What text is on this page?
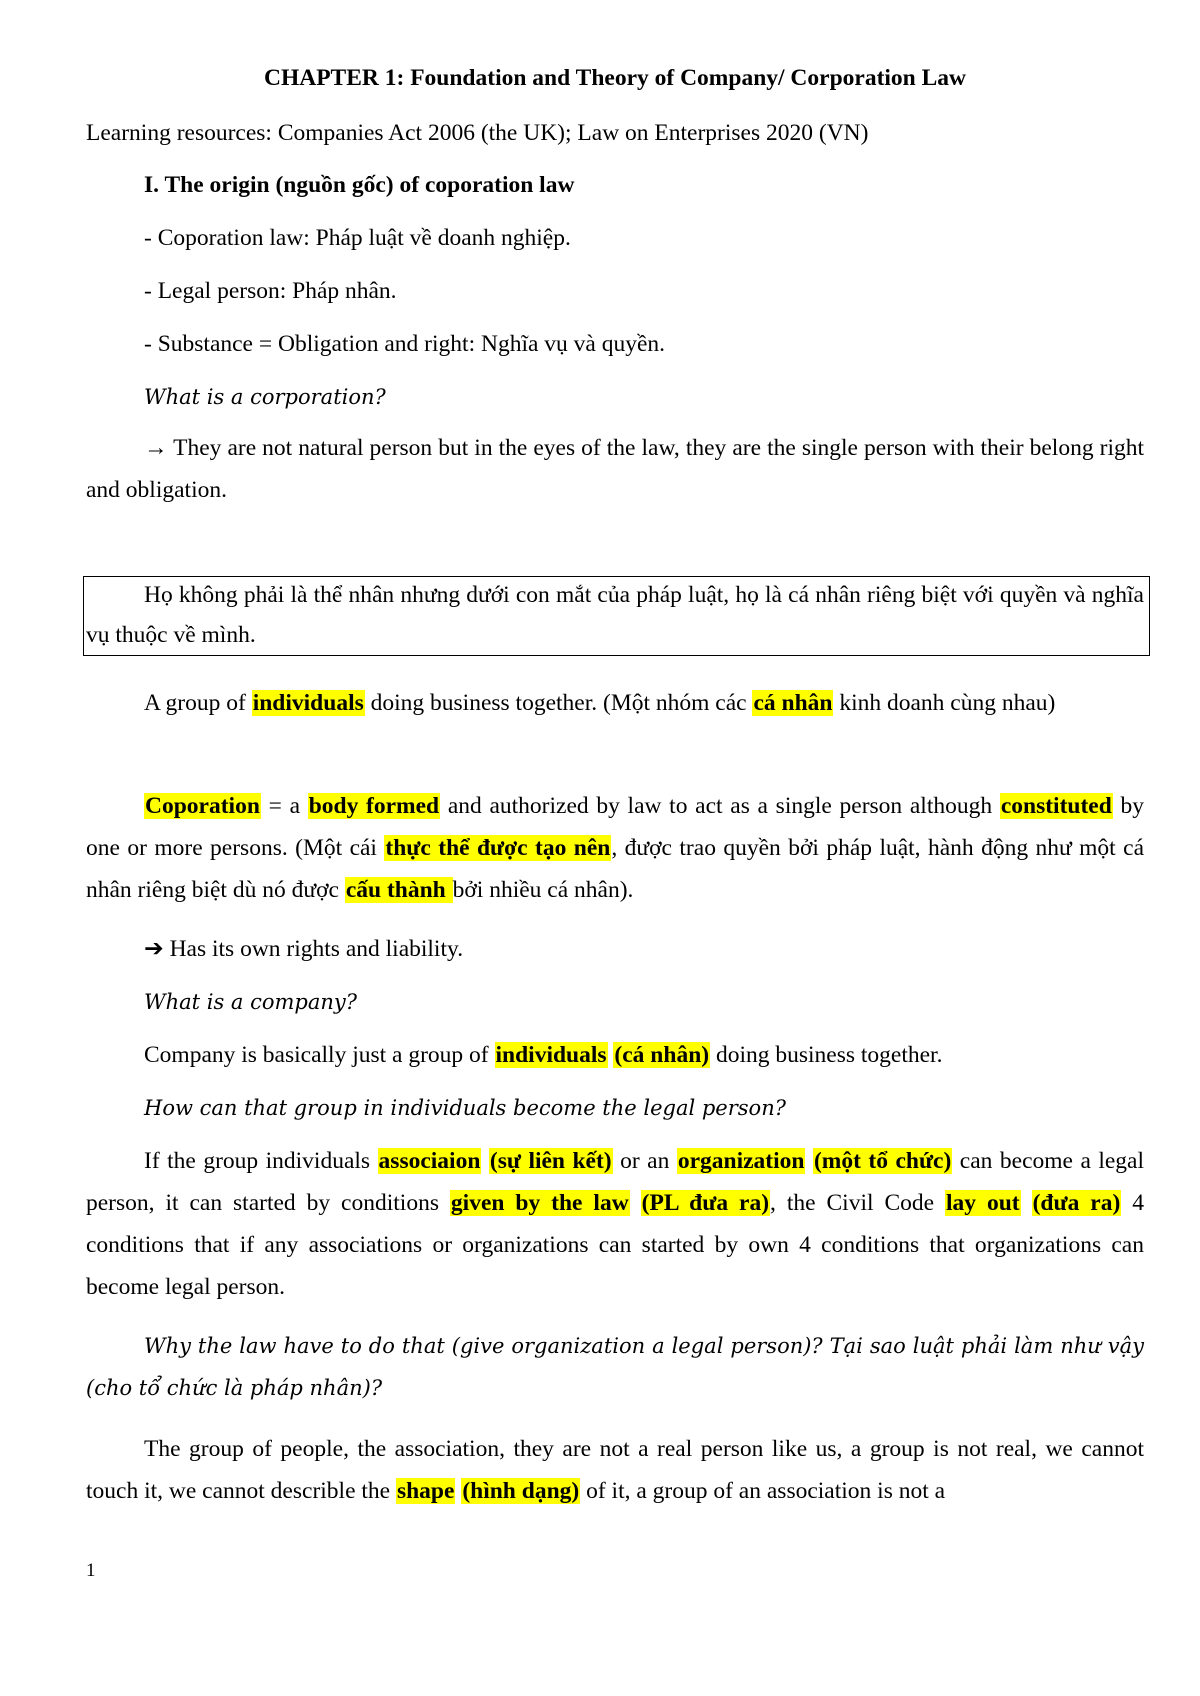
CHAPTER 1: Foundation and Theory of Company/ Corporation Law

Learning resources: Companies Act 2006 (the UK); Law on Enterprises 2020 (VN)

I. The origin (nguồn gốc) of coporation law

- Coporation law: Pháp luật về doanh nghiệp.

- Legal person: Pháp nhân.

- Substance = Obligation and right: Nghĩa vụ và quyền.

What is a corporation?

→ They are not natural person but in the eyes of the law, they are the single person with their belong right and obligation.

Họ không phải là thể nhân nhưng dưới con mắt của pháp luật, họ là cá nhân riêng biệt với quyền và nghĩa vụ thuộc về mình.

A group of individuals doing business together. (Một nhóm các cá nhân kinh doanh cùng nhau)

Coporation = a body formed and authorized by law to act as a single person although constituted by one or more persons. (Một cái thực thể được tạo nên, được trao quyền bởi pháp luật, hành động như một cá nhân riêng biệt dù nó được cấu thành bởi nhiều cá nhân).

➔ Has its own rights and liability.

What is a company?

Company is basically just a group of individuals (cá nhân) doing business together.

How can that group in individuals become the legal person?

If the group individuals associaion (sự liên kết) or an organization (một tổ chức) can become a legal person, it can started by conditions given by the law (PL đưa ra), the Civil Code lay out (đưa ra) 4 conditions that if any associations or organizations can started by own 4 conditions that organizations can become legal person.

Why the law have to do that (give organization a legal person)? Tại sao luật phải làm như vậy (cho tổ chức là pháp nhân)?

The group of people, the association, they are not a real person like us, a group is not real, we cannot touch it, we cannot describle the shape (hình dạng) of it, a group of an association is not a

1
